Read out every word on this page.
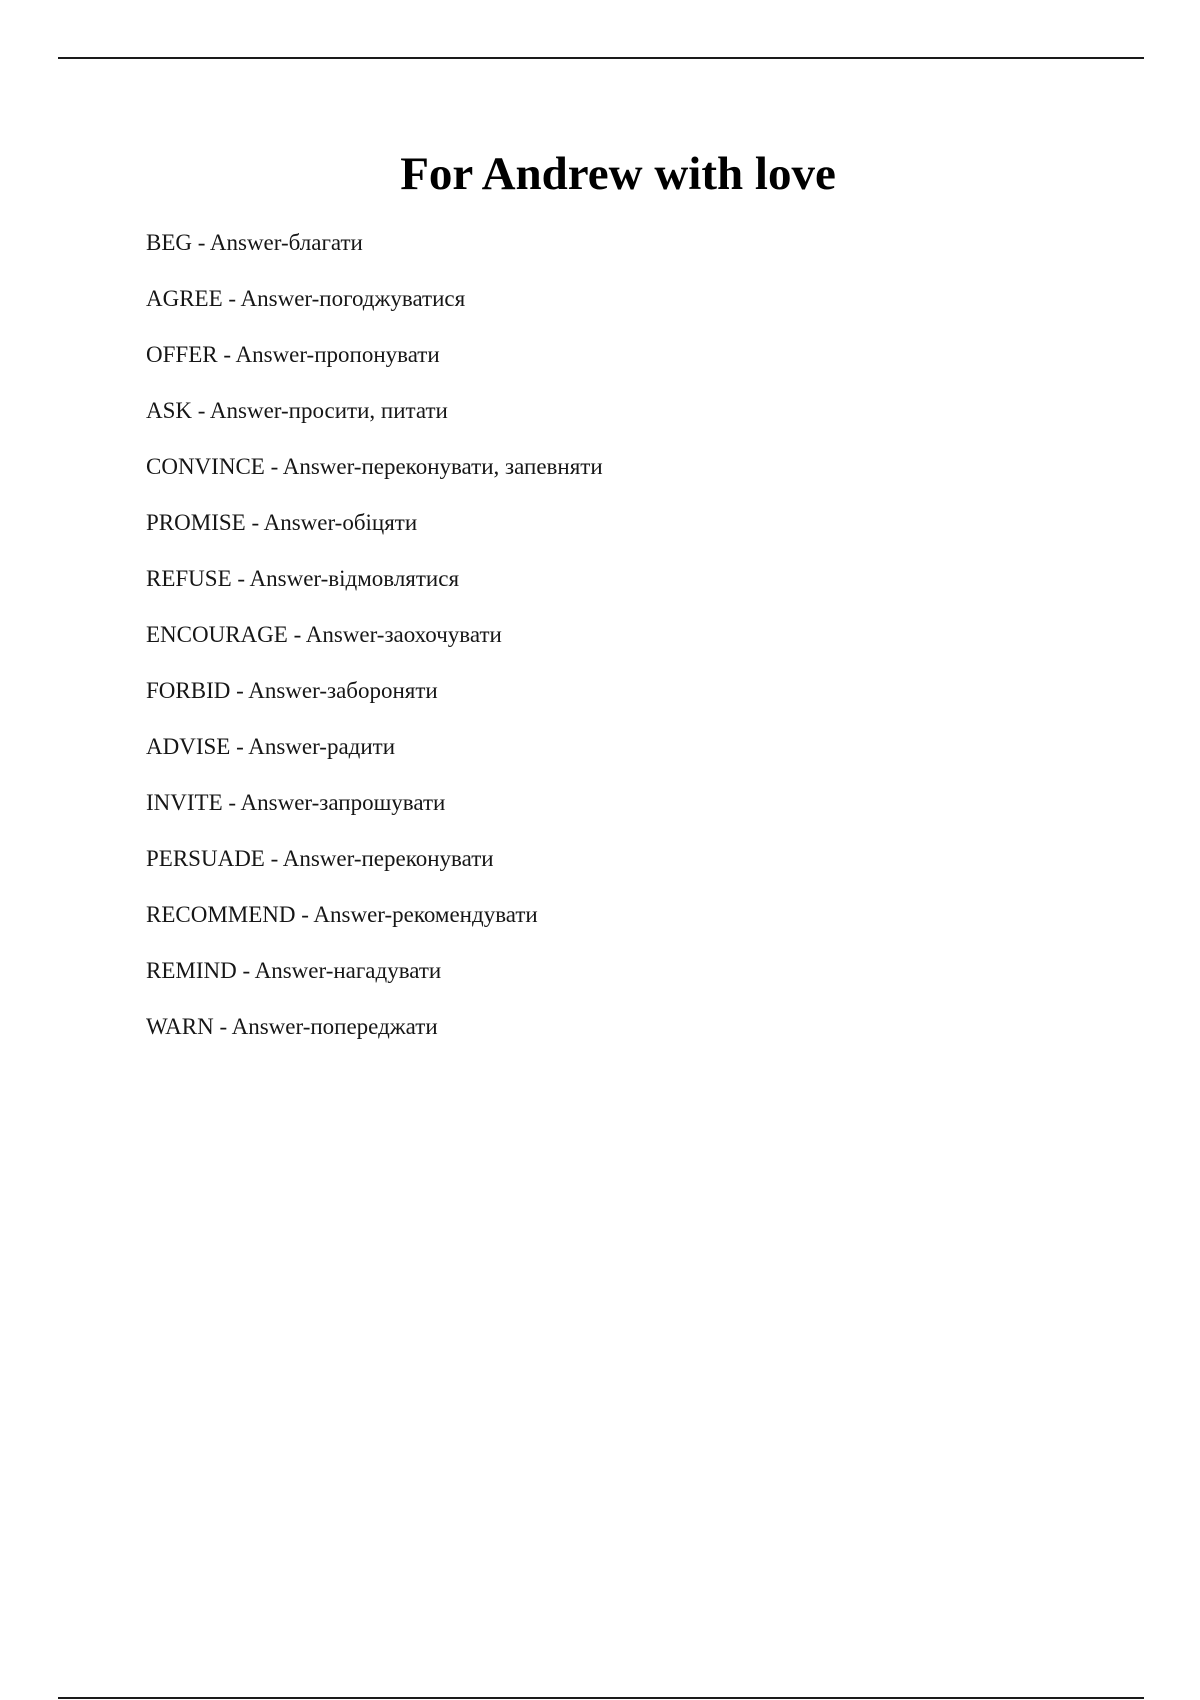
For Andrew with love
BEG - Answer-благати
AGREE - Answer-погоджуватися
OFFER - Answer-пропонувати
ASK - Answer-просити, питати
CONVINCE - Answer-переконувати, запевняти
PROMISE - Answer-обіцяти
REFUSE - Answer-відмовлятися
ENCOURAGE - Answer-заохочувати
FORBID - Answer-забороняти
ADVISE - Answer-радити
INVITE - Answer-запрошувати
PERSUADE - Answer-переконувати
RECOMMEND - Answer-рекомендувати
REMIND - Answer-нагадувати
WARN - Answer-попереджати
